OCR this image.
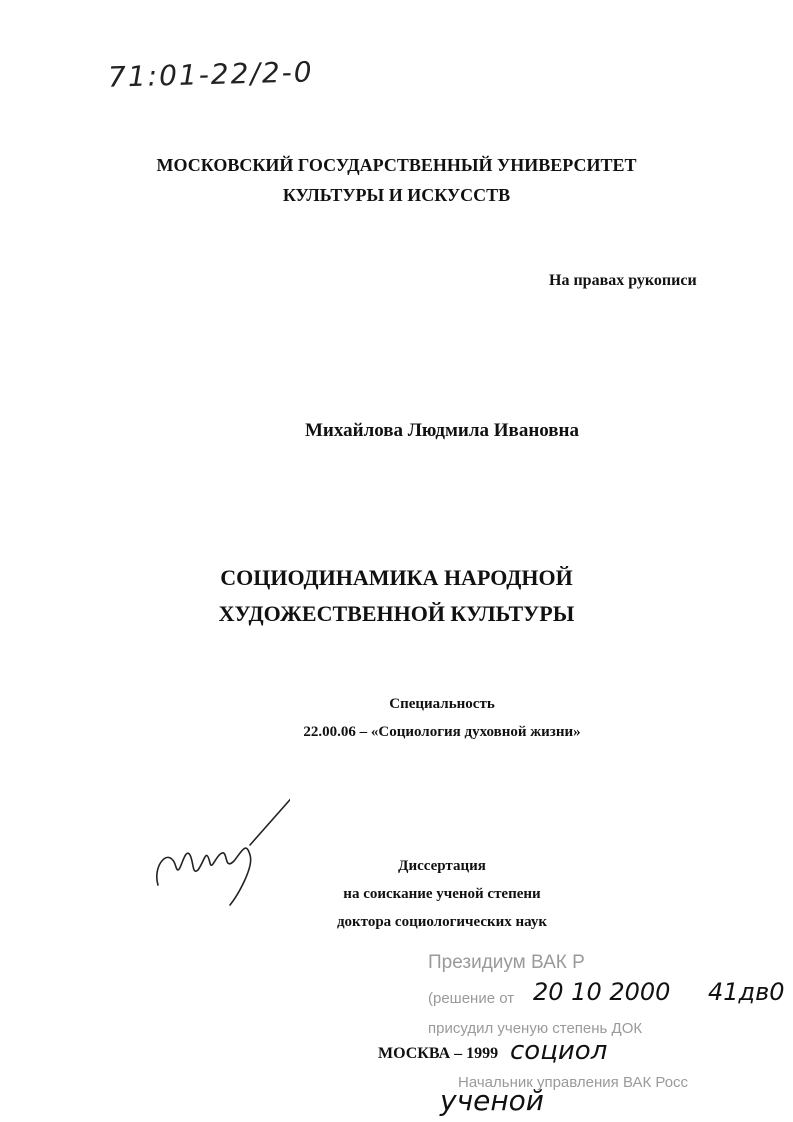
71:01-22/2-0
МОСКОВСКИЙ ГОСУДАРСТВЕННЫЙ УНИВЕРСИТЕТ
КУЛЬТУРЫ И ИСКУССТВ
На правах рукописи
Михайлова Людмила Ивановна
СОЦИОДИНАМИКА НАРОДНОЙ
ХУДОЖЕСТВЕННОЙ КУЛЬТУРЫ
Специальность
22.00.06 – «Социология духовной жизни»
Диссертация
на соискание ученой степени
доктора социологических наук
Президиум ВАК Р
(решение от 20 10 2000 41дв0
присудил ученую степень ДОК
социол
Начальник управления ВАК Росс
МОСКВА – 1999
ученой
